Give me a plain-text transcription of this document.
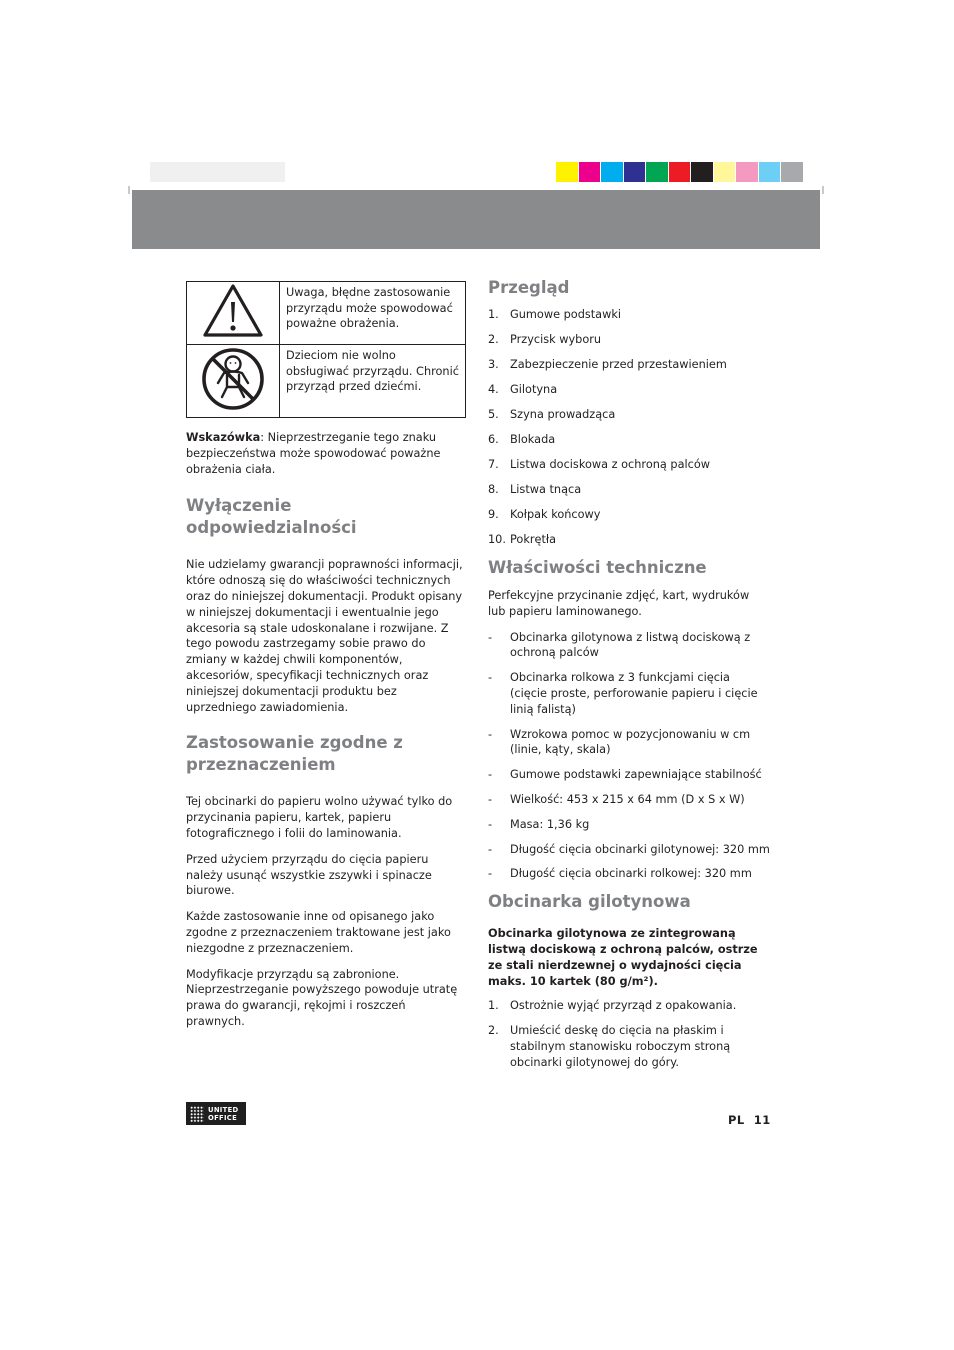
	Uwaga, błędne zastosowanie przyrządu może spowodować poważne obrażenia.
	Dzieciom nie wolno obsługiwać przyrządu. Chronić przyrząd przed dziećmi.

Wskazówka: Nieprzestrzeganie tego znaku bezpieczeństwa może spowodować poważne obrażenia ciała.

Wyłączenie odpowiedzialności

Nie udzielamy gwarancji poprawności informacji, które odnoszą się do właściwości technicznych oraz do niniejszej dokumentacji. Produkt opisany w niniejszej dokumentacji i ewentualnie jego akcesoria są stale udoskonalane i rozwijane. Z tego powodu zastrzegamy sobie prawo do zmiany w każdej chwili komponentów, akcesoriów, specyfikacji technicznych oraz niniejszej dokumentacji produktu bez uprzedniego zawiadomienia.

Zastosowanie zgodne z przeznaczeniem

Tej obcinarki do papieru wolno używać tylko do przycinania papieru, kartek, papieru fotograficznego i folii do laminowania.

Przed użyciem przyrządu do cięcia papieru należy usunąć wszystkie zszywki i spinacze biurowe.

Każde zastosowanie inne od opisanego jako zgodne z przeznaczeniem traktowane jest jako niezgodne z przeznaczeniem.

Modyfikacje przyrządu są zabronione. Nieprzestrzeganie powyższego powoduje utratę prawa do gwarancji, rękojmi i roszczeń prawnych.

Przegląd
1. Gumowe podstawki
2. Przycisk wyboru
3. Zabezpieczenie przed przestawieniem
4. Gilotyna
5. Szyna prowadząca
6. Blokada
7. Listwa dociskowa z ochroną palców
8. Listwa tnąca
9. Kołpak końcowy
10. Pokrętła
Właściwości techniczne

Perfekcyjne przycinanie zdjęć, kart, wydruków lub papieru laminowanego.

-	Obcinarka gilotynowa z listwą dociskową z ochroną palców
-	Obcinarka rolkowa z 3 funkcjami cięcia (cięcie proste, perforowanie papieru i cięcie linią falistą)
-	Wzrokowa pomoc w pozycjonowaniu w cm (linie, kąty, skala)
-	Gumowe podstawki zapewniające stabilność
-	Wielkość: 453 x 215 x 64 mm (D x S x W)
-	Masa: 1,36 kg
-	Długość cięcia obcinarki gilotynowej: 320 mm
-	Długość cięcia obcinarki rolkowej: 320 mm
Obcinarka gilotynowa

Obcinarka gilotynowa ze zintegrowaną listwą dociskową z ochroną palców, ostrze ze stali nierdzewnej o wydajności cięcia maks. 10 kartek (80 g/m²).

1. Ostrożnie wyjąć przyrząd z opakowania.
2. Umieścić deskę do cięcia na płaskim i stabilnym stanowisku roboczym stroną obcinarki gilotynowej do góry.
UNITED
OFFICE	PL  11
